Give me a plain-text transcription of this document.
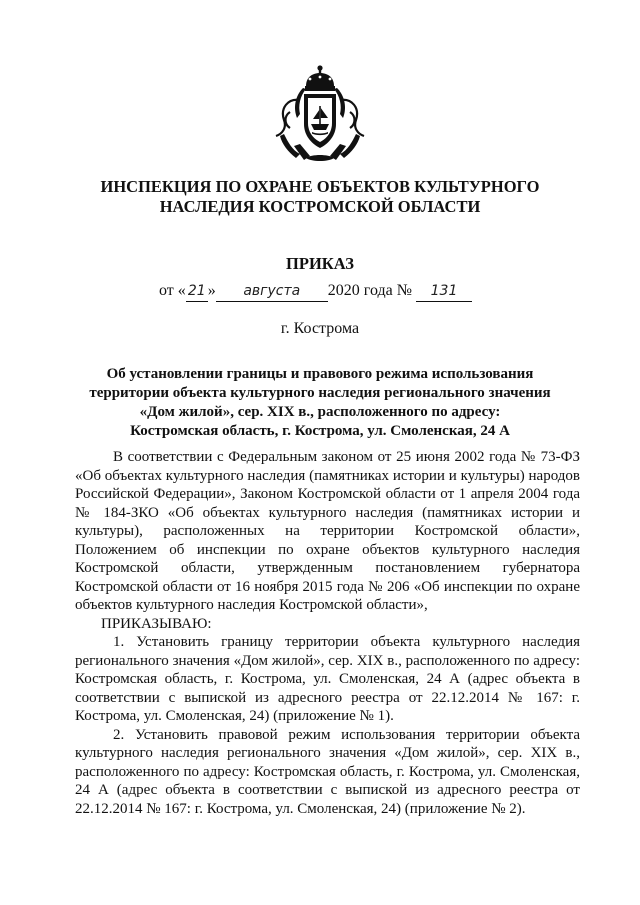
ИНСПЕКЦИЯ ПО ОХРАНЕ ОБЪЕКТОВ КУЛЬТУРНОГО
НАСЛЕДИЯ КОСТРОМСКОЙ ОБЛАСТИ
ПРИКАЗ
от « 21 » августа 2020 года № 131
г. Кострома
Об установлении границы и правового режима использования
территории объекта культурного наследия регионального значения
«Дом жилой», сер. XIX в., расположенного по адресу:
Костромская область, г. Кострома, ул. Смоленская, 24 А

В соответствии с Федеральным законом от 25 июня 2002 года № 73-ФЗ «Об объектах культурного наследия (памятниках истории и культуры) народов Российской Федерации», Законом Костромской области от 1 апреля 2004 года № 184-ЗКО «Об объектах культурного наследия (памятниках истории и культуры), расположенных на территории Костромской области», Положением об инспекции по охране объектов культурного наследия Костромской области, утвержденным постановлением губернатора Костромской области от 16 ноября 2015 года № 206 «Об инспекции по охране объектов культурного наследия Костромской области»,

ПРИКАЗЫВАЮ:

1. Установить границу территории объекта культурного наследия регионального значения «Дом жилой», сер. XIX в., расположенного по адресу: Костромская область, г. Кострома, ул. Смоленская, 24 А (адрес объекта в соответствии с выпиской из адресного реестра от 22.12.2014 № 167: г. Кострома, ул. Смоленская, 24) (приложение № 1).

2. Установить правовой режим использования территории объекта культурного наследия регионального значения «Дом жилой», сер. XIX в., расположенного по адресу: Костромская область, г. Кострома, ул. Смоленская, 24 А (адрес объекта в соответствии с выпиской из адресного реестра от 22.12.2014 № 167: г. Кострома, ул. Смоленская, 24) (приложение № 2).
